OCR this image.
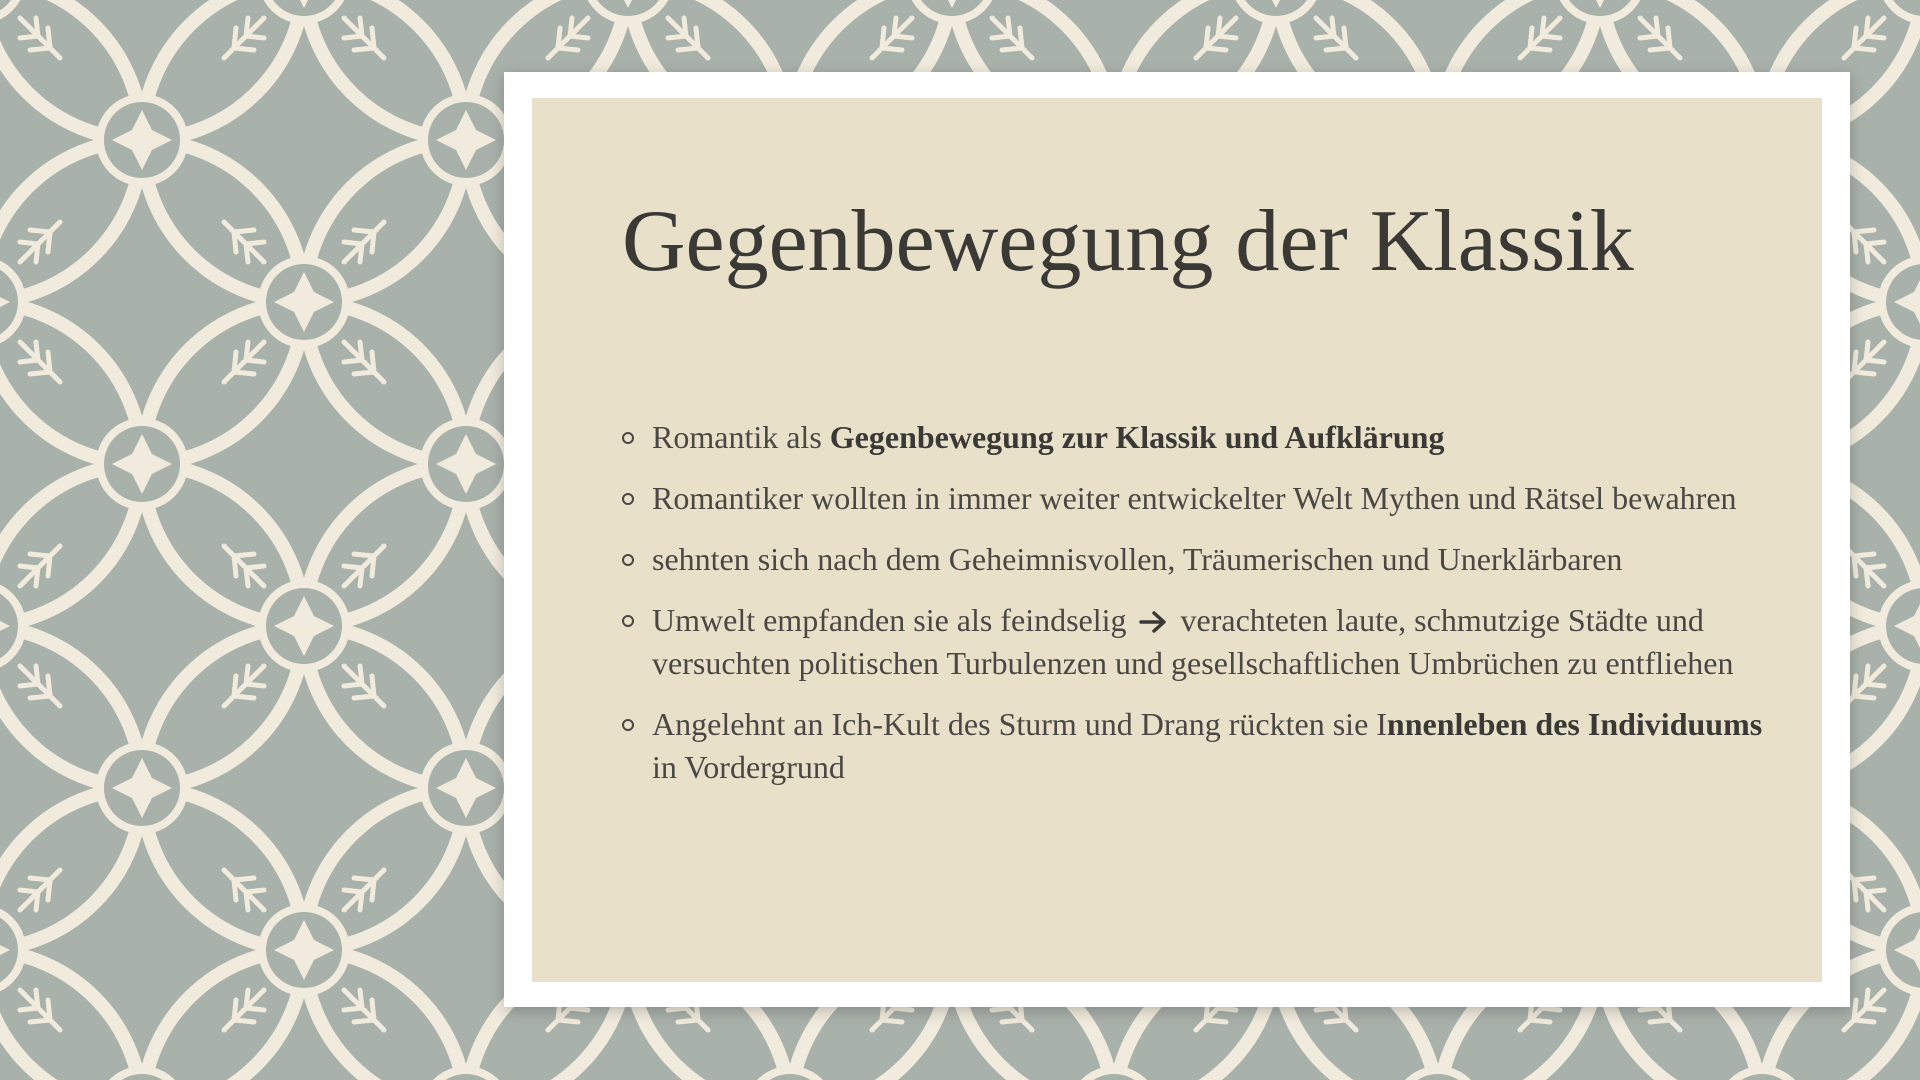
Gegenbewegung der Klassik
Romantik als Gegenbewegung zur Klassik und Aufklärung
Romantiker wollten in immer weiter entwickelter Welt Mythen und Rätsel bewahren
sehnten sich nach dem Geheimnisvollen, Träumerischen und Unerklärbaren
Umwelt empfanden sie als feindselig  verachteten laute, schmutzige Städte und versuchten politischen Turbulenzen und gesellschaftlichen Umbrüchen zu entfliehen
Angelehnt an Ich-Kult des Sturm und Drang rückten sie Innenleben des Individuums in Vordergrund
